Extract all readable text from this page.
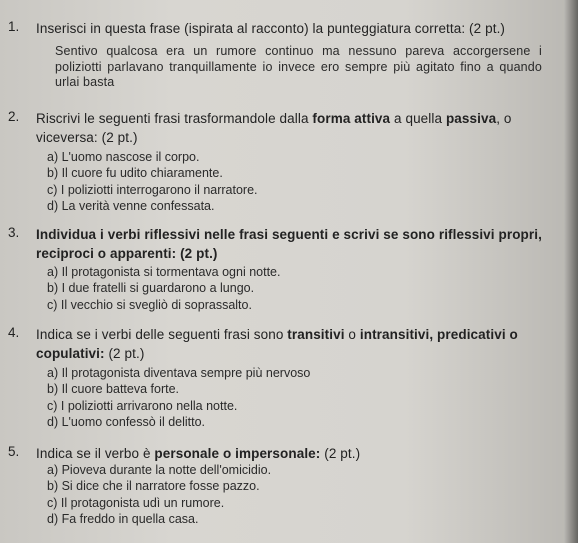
1. Inserisci in questa frase (ispirata al racconto) la punteggiatura corretta: (2 pt.)
Sentivo qualcosa era un rumore continuo ma nessuno pareva accorgersene i poliziotti parlavano tranquillamente io invece ero sempre più agitato fino a quando urlai basta
2. Riscrivi le seguenti frasi trasformandole dalla forma attiva a quella passiva, o
viceversa: (2 pt.)
a) L'uomo nascose il corpo.
b) Il cuore fu udito chiaramente.
c) I poliziotti interrogarono il narratore.
d) La verità venne confessata.
3. Individua i verbi riflessivi nelle frasi seguenti e scrivi se sono riflessivi propri,
reciproci o apparenti: (2 pt.)
a) Il protagonista si tormentava ogni notte.
b) I due fratelli si guardarono a lungo.
c) Il vecchio si svegliò di soprassalto.
4. Indica se i verbi delle seguenti frasi sono transitivi o intransitivi, predicativi o
copulativi: (2 pt.)
a) Il protagonista diventava sempre più nervoso
b) Il cuore batteva forte.
c) I poliziotti arrivarono nella notte.
d) L'uomo confessò il delitto.
5. Indica se il verbo è personale o impersonale: (2 pt.)
a) Pioveva durante la notte dell'omicidio.
b) Si dice che il narratore fosse pazzo.
c) Il protagonista udì un rumore.
d) Fa freddo in quella casa.
